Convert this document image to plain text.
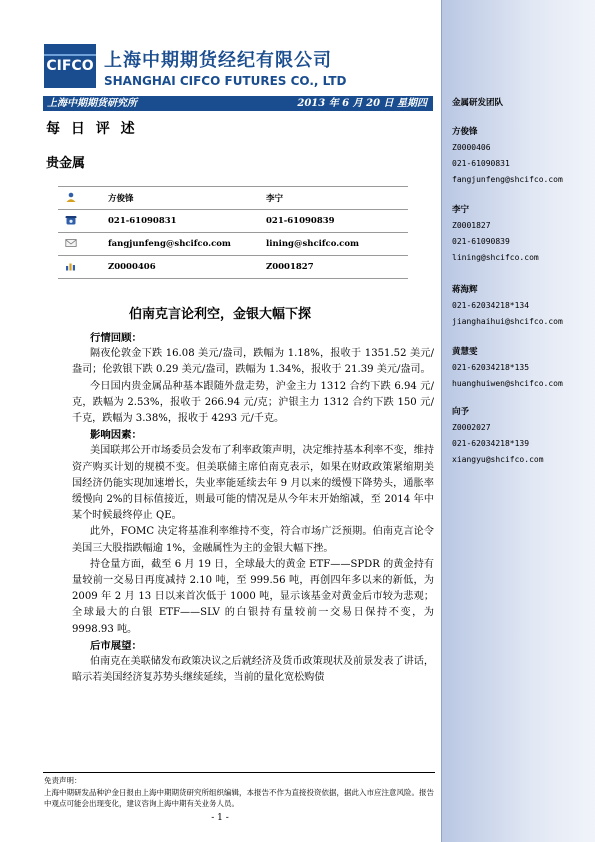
CIFCO 上海中期期货经纪有限公司
SHANGHAI CIFCO FUTURES CO., LTD
上海中期期货研究所	2013 年 6 月 20 日 星期四
每 日 评 述
贵金属
	方俊锋	李宁
	021-61090831	021-61090839
	fangjunfeng@shcifco.com	lining@shcifco.com
	Z0000406	Z0001827
伯南克言论利空，金银大幅下探
行情回顾：

隔夜伦敦金下跌 16.08 美元/盎司，跌幅为 1.18%，报收于 1351.52 美元/盎司；伦敦银下跌 0.29 美元/盎司，跌幅为 1.34%，报收于 21.39 美元/盎司。

今日国内贵金属品种基本跟随外盘走势，沪金主力 1312 合约下跌 6.94 元/克，跌幅为 2.53%，报收于 266.94 元/克；沪银主力 1312 合约下跌 150 元/千克，跌幅为 3.38%，报收于 4293 元/千克。

影响因素：

美国联邦公开市场委员会发布了利率政策声明，决定维持基本利率不变，维持资产购买计划的规模不变。但美联储主席伯南克表示，如果在财政政策紧缩期美国经济仍能实现加速增长，失业率能延续去年 9 月以来的缓慢下降势头，通胀率缓慢向 2%的目标值接近，则最可能的情况是从今年末开始缩减，至 2014 年中某个时候最终停止 QE。

此外，FOMC 决定将基准利率维持不变，符合市场广泛预期。伯南克言论令美国三大股指跌幅逾 1%，金融属性为主的金银大幅下挫。

持仓量方面，截至 6 月 19 日，全球最大的黄金 ETF——SPDR 的黄金持有量较前一交易日再度减持 2.10 吨，至 999.56 吨，再创四年多以来的新低，为 2009 年 2 月 13 日以来首次低于 1000 吨，显示该基金对黄金后市较为悲观；全球最大的白银 ETF——SLV 的白银持有量较前一交易日保持不变，为 9998.93 吨。

后市展望：

伯南克在美联储发布政策决议之后就经济及货币政策现状及前景发表了讲话，暗示若美国经济复苏势头继续延续，当前的量化宽松购债

免责声明：
上海中期研发品种沪金日报由上海中期期货研究所组织编辑，本报告不作为直接投资依据，据此入市应注意风险。报告中观点可能会出现变化，建议咨询上海中期有关业务人员。
- 1 -
金属研发团队
方俊锋
Z0000406
021-61090831
fangjunfeng@shcifco.com
李宁
Z0001827
021-61090839
lining@shcifco.com
蒋海辉
021-62034218*134
jianghaihui@shcifco.com
黄慧雯
021-62034218*135
huanghuiwen@shcifco.com
向予
Z0002027
021-62034218*139
xiangyu@shcifco.com
